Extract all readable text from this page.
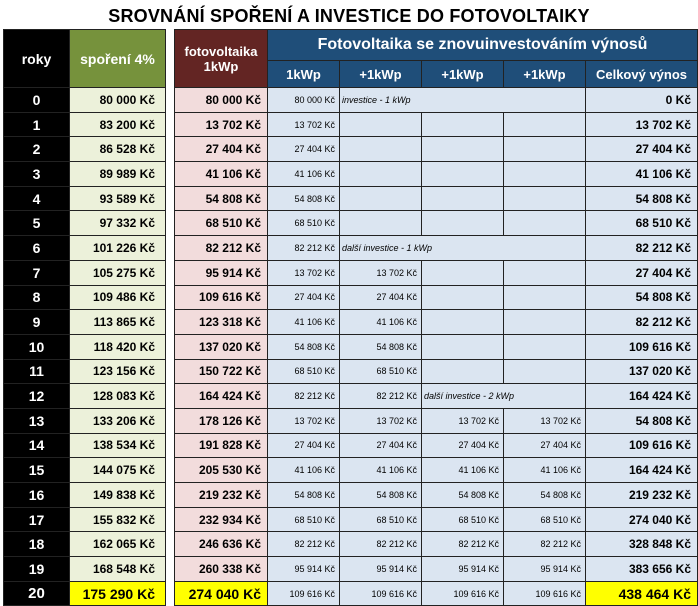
SROVNÁNÍ SPOŘENÍ A INVESTICE DO FOTOVOLTAIKY
roky	spoření 4%		fotovoltaika
1kWp	Fotovoltaika se znovuinvestováním výnosů				
				1kWp	+1kWp	+1kWp	+1kWp	Celkový výnos
0	80 000 Kč		80 000 Kč	80 000 Kč	investice - 1 kWp			0 Kč
1	83 200 Kč		13 702 Kč	13 702 Kč				13 702 Kč
2	86 528 Kč		27 404 Kč	27 404 Kč				27 404 Kč
3	89 989 Kč		41 106 Kč	41 106 Kč				41 106 Kč
4	93 589 Kč		54 808 Kč	54 808 Kč				54 808 Kč
5	97 332 Kč		68 510 Kč	68 510 Kč				68 510 Kč
6	101 226 Kč		82 212 Kč	82 212 Kč	další investice - 1 kWp			82 212 Kč
7	105 275 Kč		95 914 Kč	13 702 Kč	13 702 Kč			27 404 Kč
8	109 486 Kč		109 616 Kč	27 404 Kč	27 404 Kč			54 808 Kč
9	113 865 Kč		123 318 Kč	41 106 Kč	41 106 Kč			82 212 Kč
10	118 420 Kč		137 020 Kč	54 808 Kč	54 808 Kč			109 616 Kč
11	123 156 Kč		150 722 Kč	68 510 Kč	68 510 Kč			137 020 Kč
12	128 083 Kč		164 424 Kč	82 212 Kč	82 212 Kč	další investice - 2 kWp		164 424 Kč
13	133 206 Kč		178 126 Kč	13 702 Kč	13 702 Kč	13 702 Kč	13 702 Kč	54 808 Kč
14	138 534 Kč		191 828 Kč	27 404 Kč	27 404 Kč	27 404 Kč	27 404 Kč	109 616 Kč
15	144 075 Kč		205 530 Kč	41 106 Kč	41 106 Kč	41 106 Kč	41 106 Kč	164 424 Kč
16	149 838 Kč		219 232 Kč	54 808 Kč	54 808 Kč	54 808 Kč	54 808 Kč	219 232 Kč
17	155 832 Kč		232 934 Kč	68 510 Kč	68 510 Kč	68 510 Kč	68 510 Kč	274 040 Kč
18	162 065 Kč		246 636 Kč	82 212 Kč	82 212 Kč	82 212 Kč	82 212 Kč	328 848 Kč
19	168 548 Kč		260 338 Kč	95 914 Kč	95 914 Kč	95 914 Kč	95 914 Kč	383 656 Kč
20	175 290 Kč		274 040 Kč	109 616 Kč	109 616 Kč	109 616 Kč	109 616 Kč	438 464 Kč
